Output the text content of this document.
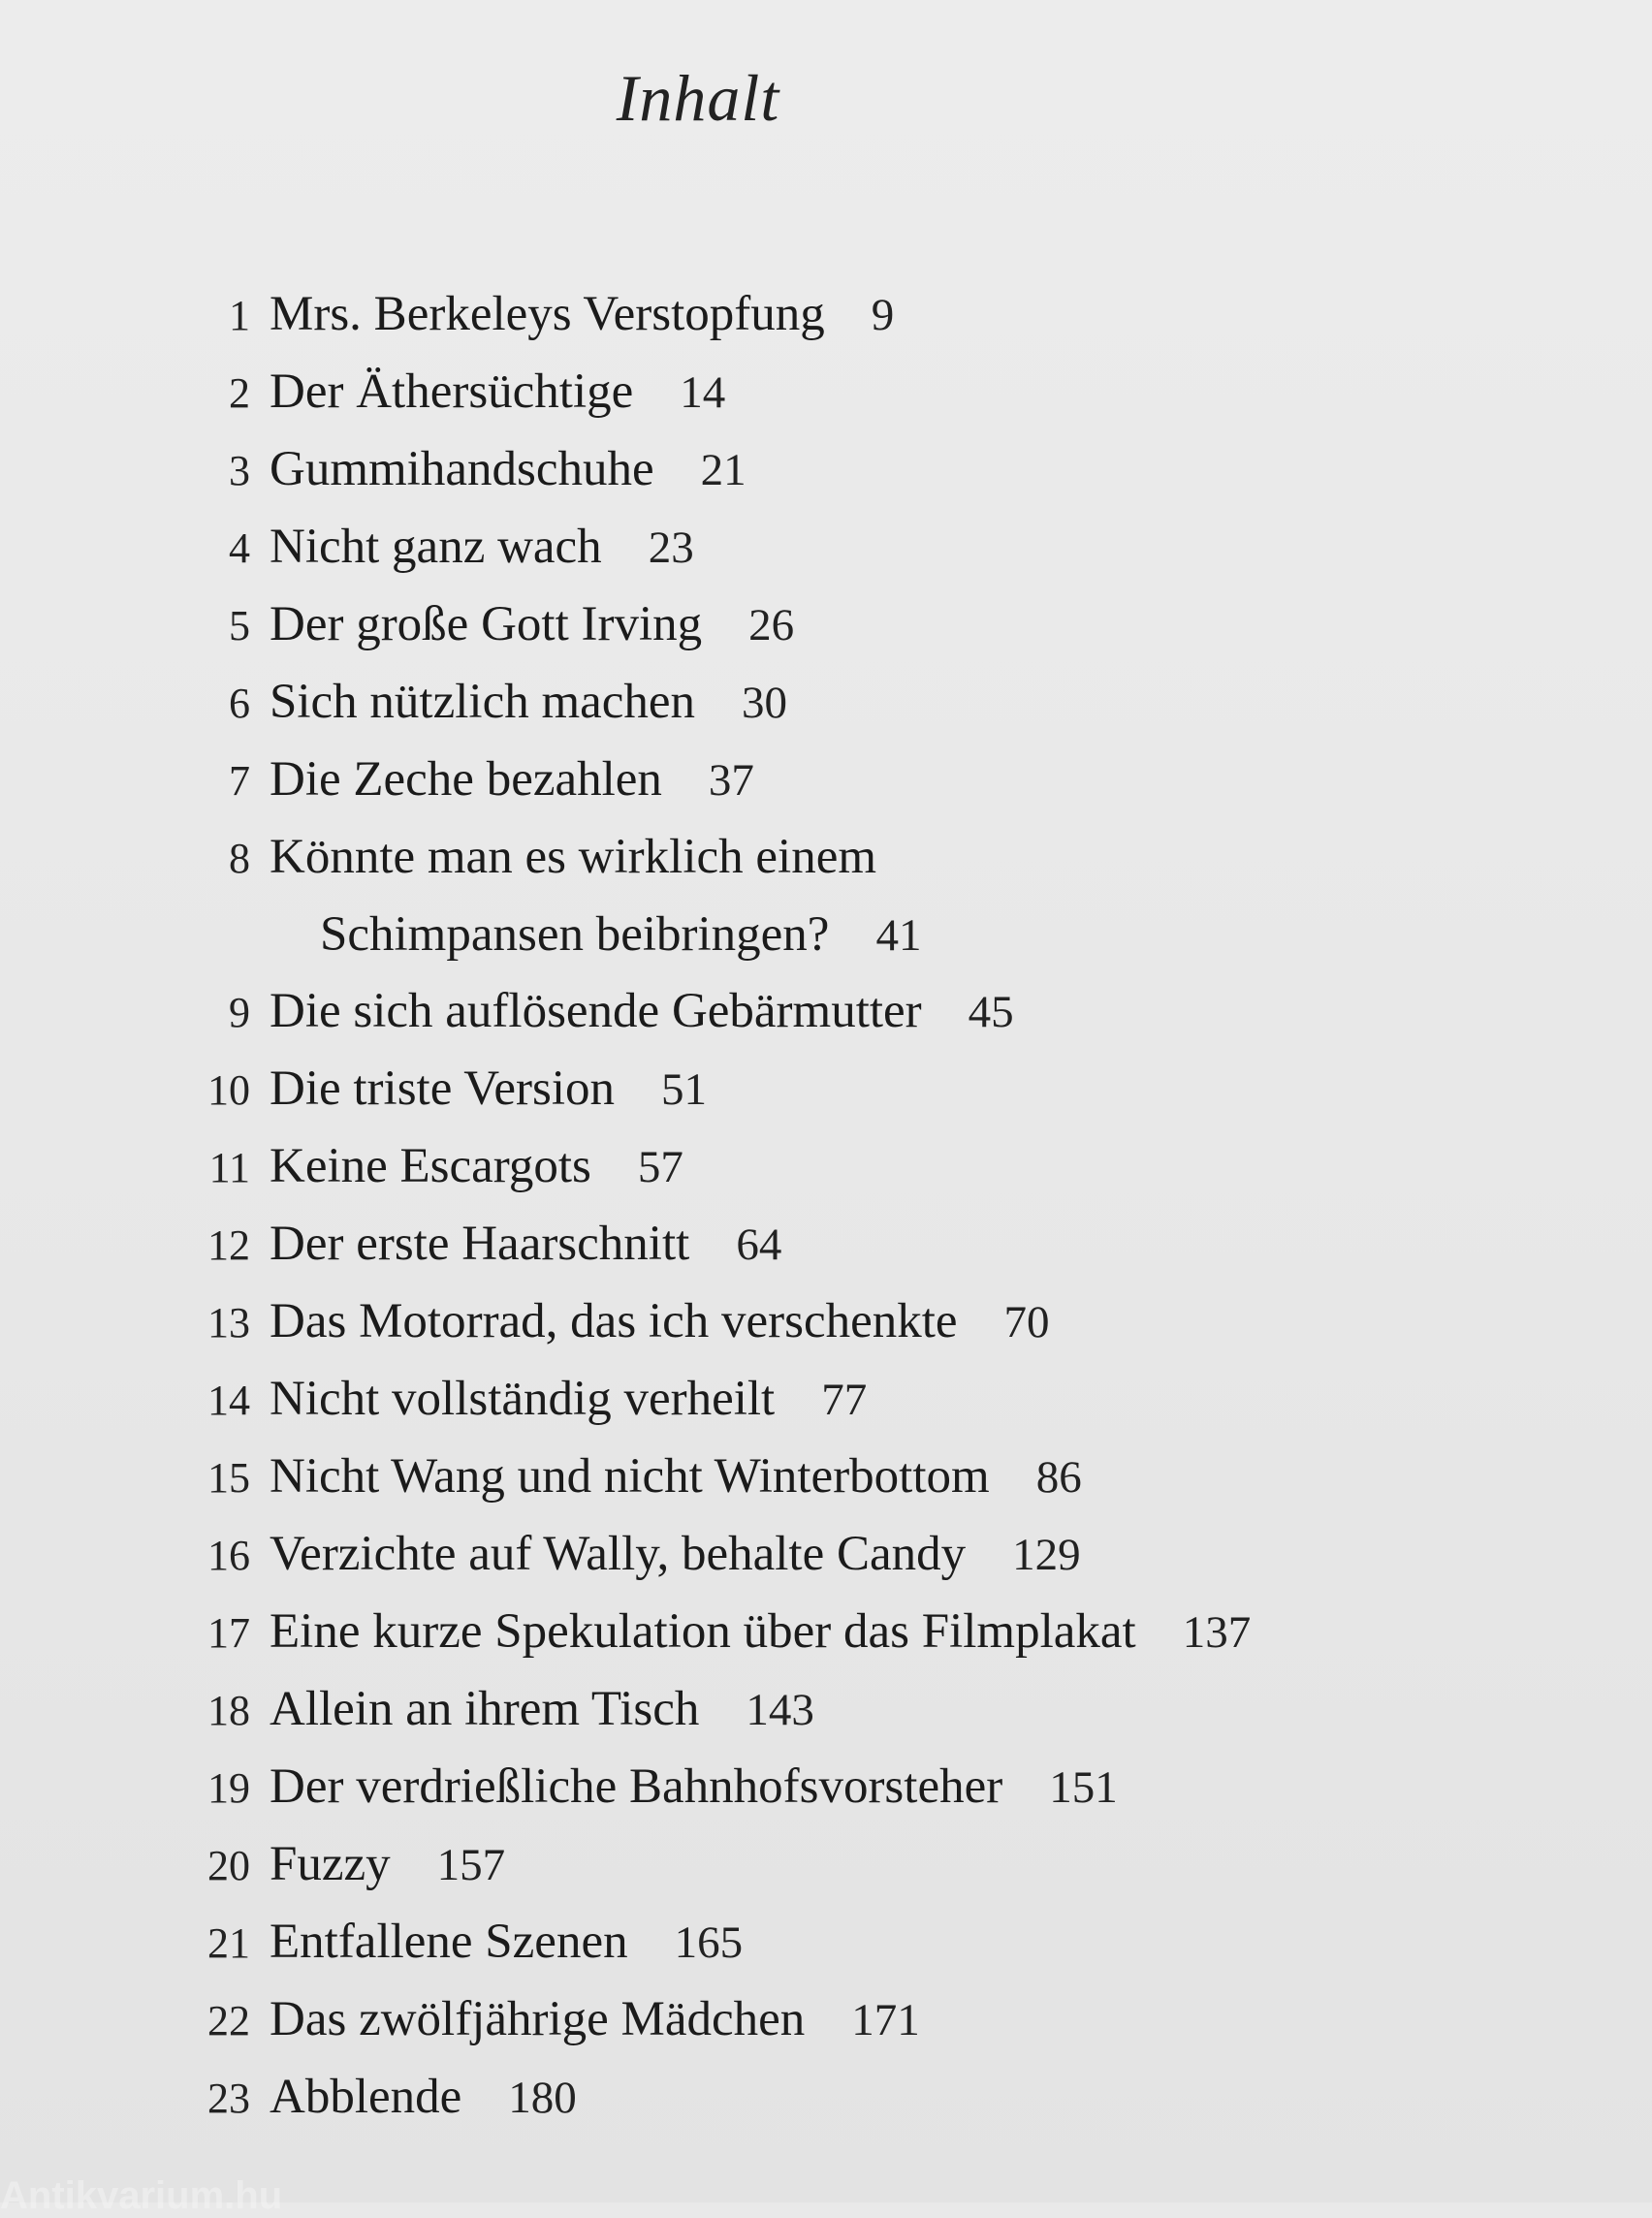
Inhalt
1 Mrs. Berkeleys Verstopfung 9
2 Der Äthersüchtige 14
3 Gummihandschuhe 21
4 Nicht ganz wach 23
5 Der große Gott Irving 26
6 Sich nützlich machen 30
7 Die Zeche bezahlen 37
8 Könnte man es wirklich einem
Schimpansen beibringen? 41
9 Die sich auflösende Gebärmutter 45
10 Die triste Version 51
11 Keine Escargots 57
12 Der erste Haarschnitt 64
13 Das Motorrad, das ich verschenkte 70
14 Nicht vollständig verheilt 77
15 Nicht Wang und nicht Winterbottom 86
16 Verzichte auf Wally, behalte Candy 129
17 Eine kurze Spekulation über das Filmplakat 137
18 Allein an ihrem Tisch 143
19 Der verdrießliche Bahnhofsvorsteher 151
20 Fuzzy 157
21 Entfallene Szenen 165
22 Das zwölfjährige Mädchen 171
23 Abblende 180
Antikvarium.hu
